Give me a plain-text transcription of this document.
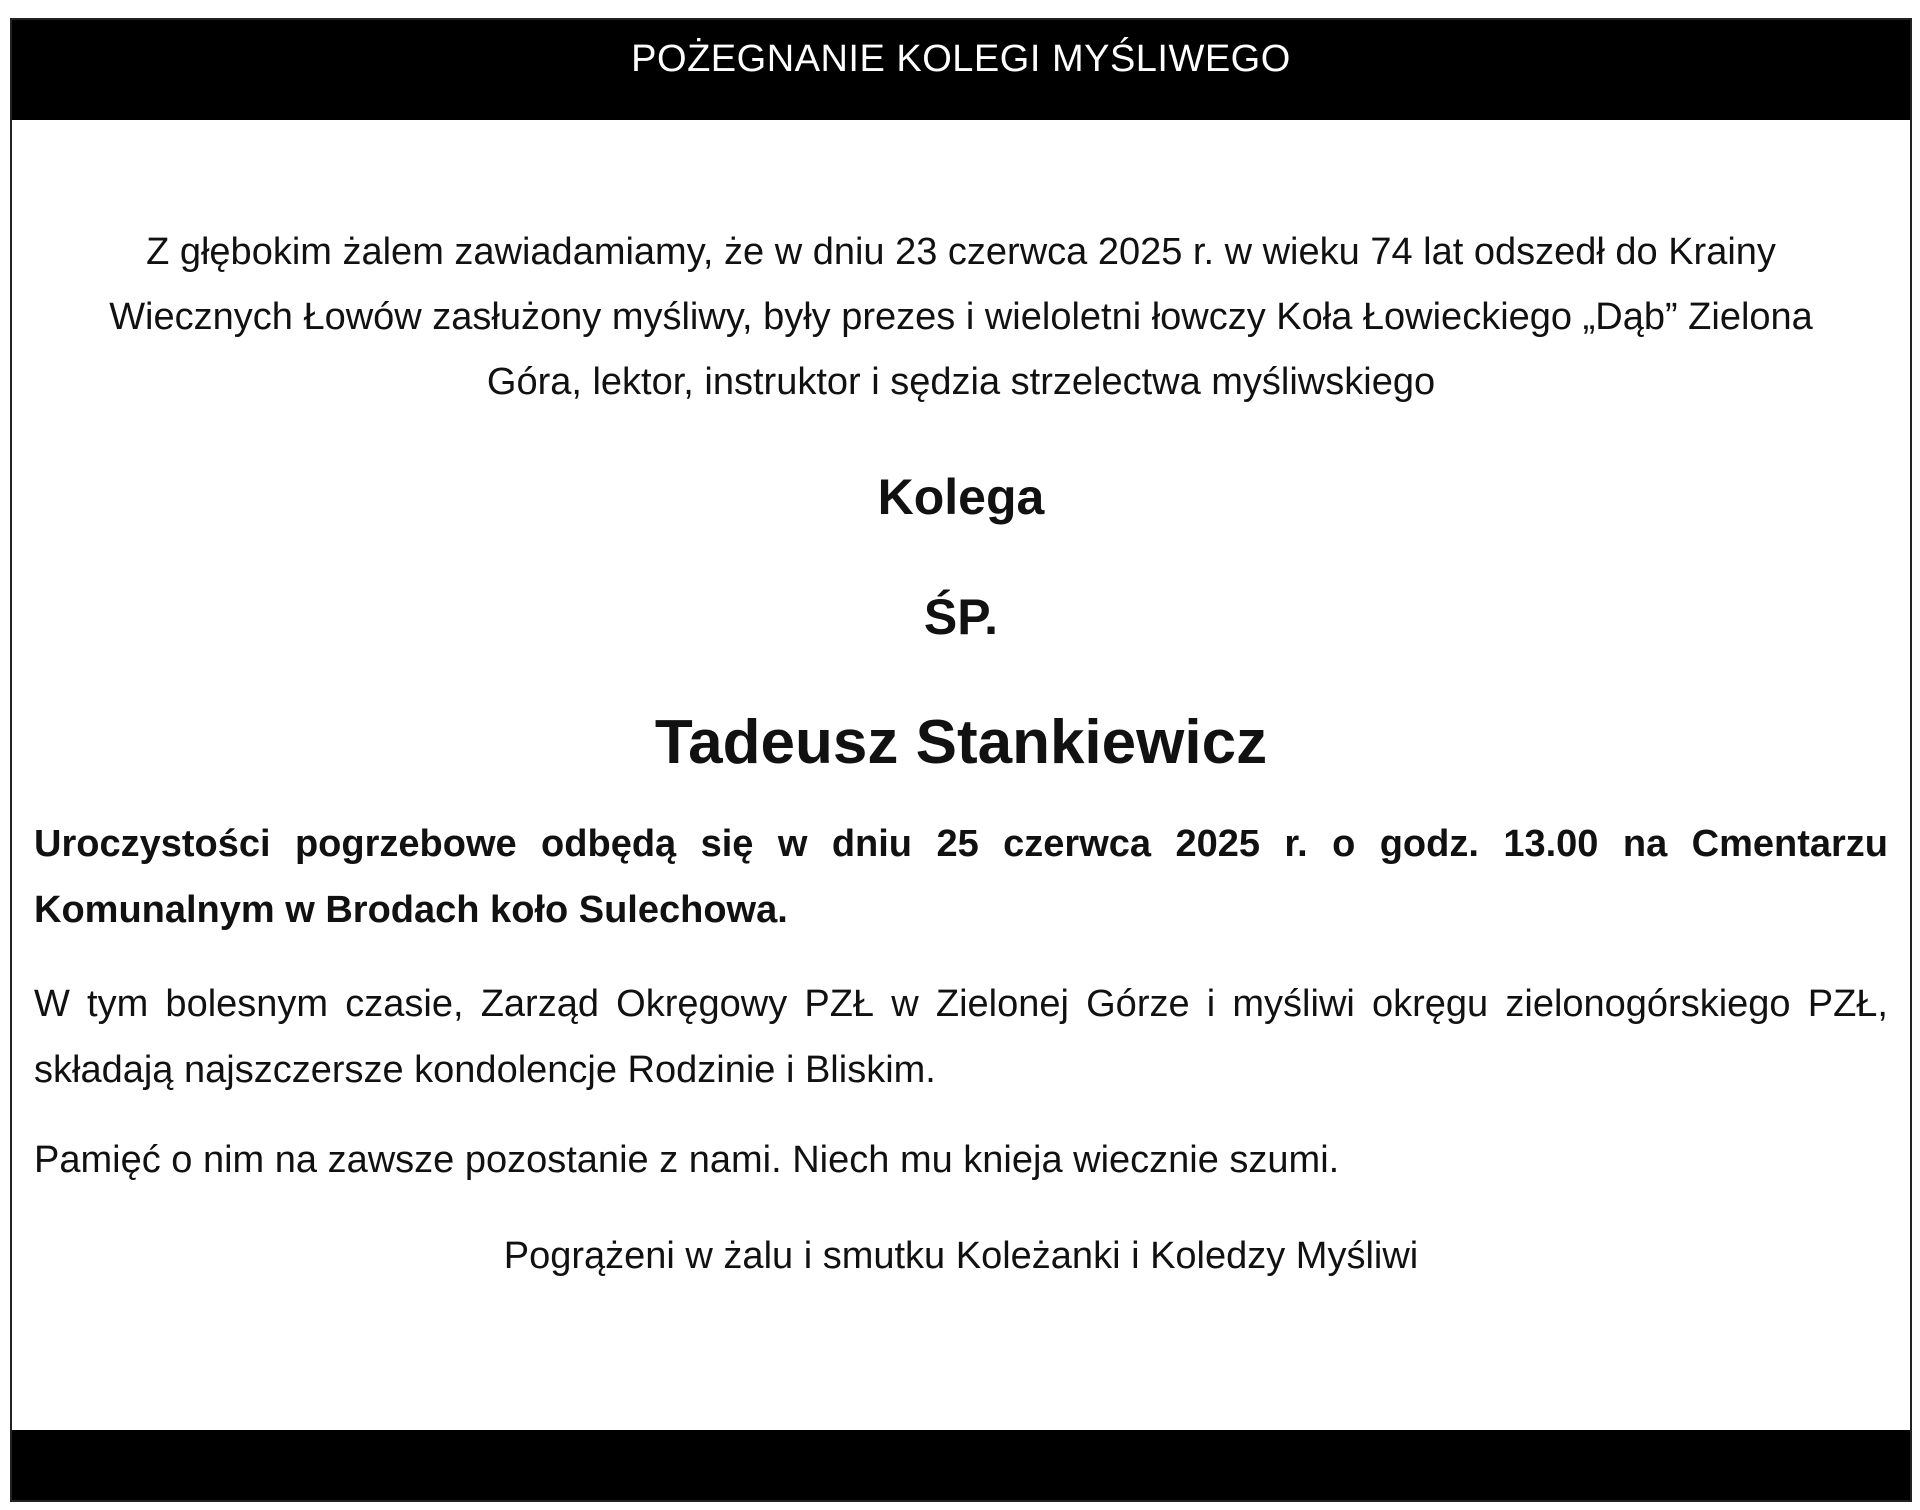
POŻEGNANIE KOLEGI MYŚLIWEGO

Z głębokim żalem zawiadamiamy, że w dniu 23 czerwca 2025 r. w wieku 74 lat odszedł do Krainy Wiecznych Łowów zasłużony myśliwy, były prezes i wieloletni łowczy Koła Łowieckiego „Dąb” Zielona Góra, lektor, instruktor i sędzia strzelectwa myśliwskiego

Kolega
ŚP.
Tadeusz Stankiewicz

Uroczystości pogrzebowe odbędą się w dniu 25 czerwca 2025 r. o godz. 13.00 na Cmentarzu Komunalnym w Brodach koło Sulechowa.

W tym bolesnym czasie, Zarząd Okręgowy PZŁ w Zielonej Górze i myśliwi okręgu zielonogórskiego PZŁ, składają najszczersze kondolencje Rodzinie i Bliskim.

Pamięć o nim na zawsze pozostanie z nami. Niech mu knieja wiecznie szumi.

Pogrążeni w żalu i smutku Koleżanki i Koledzy Myśliwi
